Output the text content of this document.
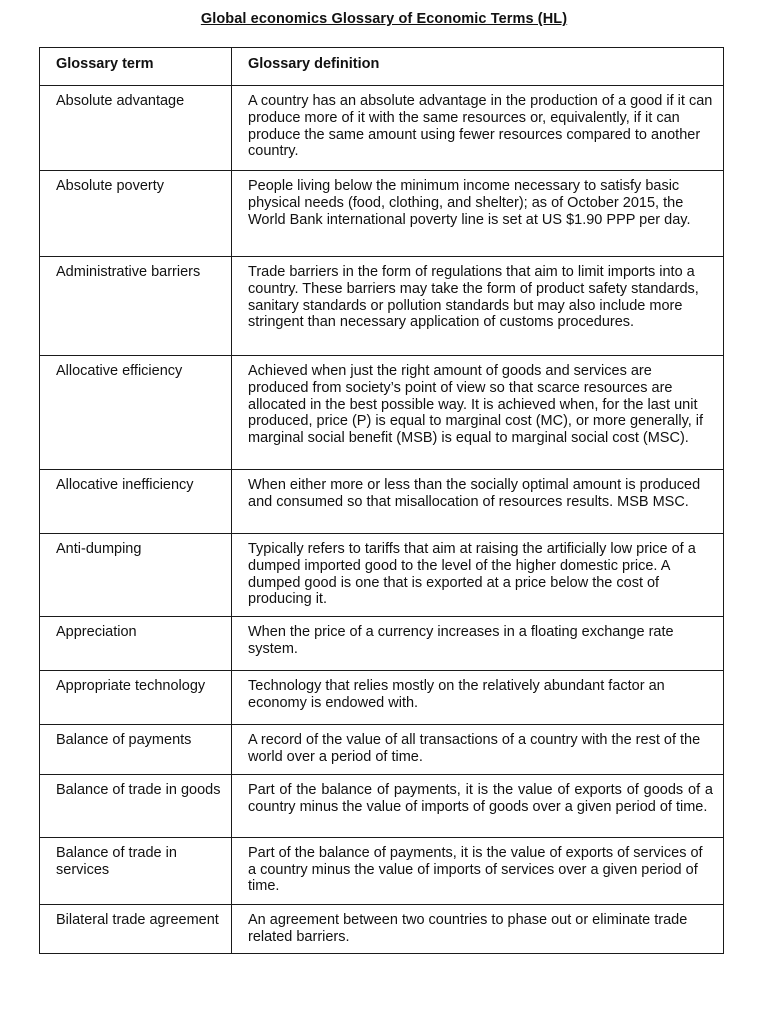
Global economics Glossary of Economic Terms (HL)
Glossary term	Glossary definition

Absolute advantage	A country has an absolute advantage in the production of a good if it can produce more of it with the same resources or, equivalently, if it can produce the same amount using fewer resources compared to another country.

Absolute poverty	People living below the minimum income necessary to satisfy basic physical needs (food, clothing, and shelter); as of October 2015, the World Bank international poverty line is set at US $1.90 PPP per day.

Administrative barriers	Trade barriers in the form of regulations that aim to limit imports into a country. These barriers may take the form of product safety standards, sanitary standards or pollution standards but may also include more stringent than necessary application of customs procedures.

Allocative efficiency	Achieved when just the right amount of goods and services are produced from society’s point of view so that scarce resources are allocated in the best possible way. It is achieved when, for the last unit produced, price (P) is equal to marginal cost (MC), or more generally, if marginal social benefit (MSB) is equal to marginal social cost (MSC).

Allocative inefficiency	When either more or less than the socially optimal amount is produced and consumed so that misallocation of resources results. MSB MSC.

Anti-dumping	Typically refers to tariffs that aim at raising the artificially low price of a dumped imported good to the level of the higher domestic price. A dumped good is one that is exported at a price below the cost of producing it.

Appreciation	When the price of a currency increases in a floating exchange rate system.

Appropriate technology	Technology that relies mostly on the relatively abundant factor an economy is endowed with.

Balance of payments	A record of the value of all transactions of a country with the rest of the world over a period of time.

Balance of trade in goods	Part of the balance of payments, it is the value of exports of goods of a country minus the value of imports of goods over a given period of time.

Balance of trade in services	Part of the balance of payments, it is the value of exports of services of a country minus the value of imports of services over a given period of time.

Bilateral trade agreement	An agreement between two countries to phase out or eliminate trade related barriers.
